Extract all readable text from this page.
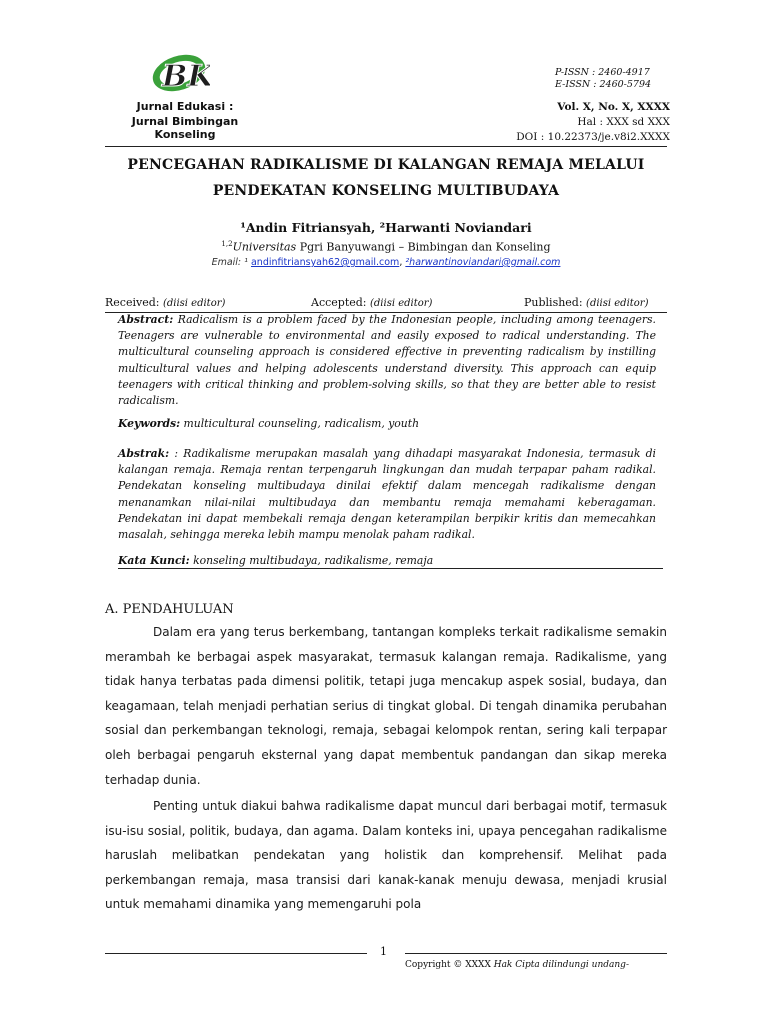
BK
Jurnal Edukasi :
Jurnal Bimbingan Konseling
P-ISSN : 2460-4917
E-ISSN : 2460-5794
Vol. X, No. X, XXXX
Hal : XXX sd XXX
DOI : 10.22373/je.v8i2.XXXX
PENCEGAHAN RADIKALISME DI KALANGAN REMAJA MELALUI
PENDEKATAN KONSELING MULTIBUDAYA
¹Andin Fitriansyah, ²Harwanti Noviandari
$^{1,2}$Universitas Pgri Banyuwangi – Bimbingan dan Konseling
Email: ¹ andinfitriansyah62@gmail.com, ²harwantinoviandari@gmail.com
Received: (diisi editor)	Accepted: (diisi editor)	Published: (diisi editor)
Abstract: Radicalism is a problem faced by the Indonesian people, including among teenagers. Teenagers are vulnerable to environmental and easily exposed to radical understanding. The multicultural counseling approach is considered effective in preventing radicalism by instilling multicultural values and helping adolescents understand diversity. This approach can equip teenagers with critical thinking and problem-solving skills, so that they are better able to resist radicalism.
Keywords: multicultural counseling, radicalism, youth
Abstrak: : Radikalisme merupakan masalah yang dihadapi masyarakat Indonesia, termasuk di kalangan remaja. Remaja rentan terpengaruh lingkungan dan mudah terpapar paham radikal. Pendekatan konseling multibudaya dinilai efektif dalam mencegah radikalisme dengan menanamkan nilai-nilai multibudaya dan membantu remaja memahami keberagaman. Pendekatan ini dapat membekali remaja dengan keterampilan berpikir kritis dan memecahkan masalah, sehingga mereka lebih mampu menolak paham radikal.
Kata Kunci: konseling multibudaya, radikalisme, remaja
A. PENDAHULUAN
Dalam era yang terus berkembang, tantangan kompleks terkait radikalisme semakin merambah ke berbagai aspek masyarakat, termasuk kalangan remaja. Radikalisme, yang tidak hanya terbatas pada dimensi politik, tetapi juga mencakup aspek sosial, budaya, dan keagamaan, telah menjadi perhatian serius di tingkat global. Di tengah dinamika perubahan sosial dan perkembangan teknologi, remaja, sebagai kelompok rentan, sering kali terpapar oleh berbagai pengaruh eksternal yang dapat membentuk pandangan dan sikap mereka terhadap dunia.
Penting untuk diakui bahwa radikalisme dapat muncul dari berbagai motif, termasuk isu-isu sosial, politik, budaya, dan agama. Dalam konteks ini, upaya pencegahan radikalisme haruslah melibatkan pendekatan yang holistik dan komprehensif. Melihat pada perkembangan remaja, masa transisi dari kanak-kanak menuju dewasa, menjadi krusial untuk memahami dinamika yang memengaruhi pola
1
Copyright © XXXX Hak Cipta dilindungi undang-
